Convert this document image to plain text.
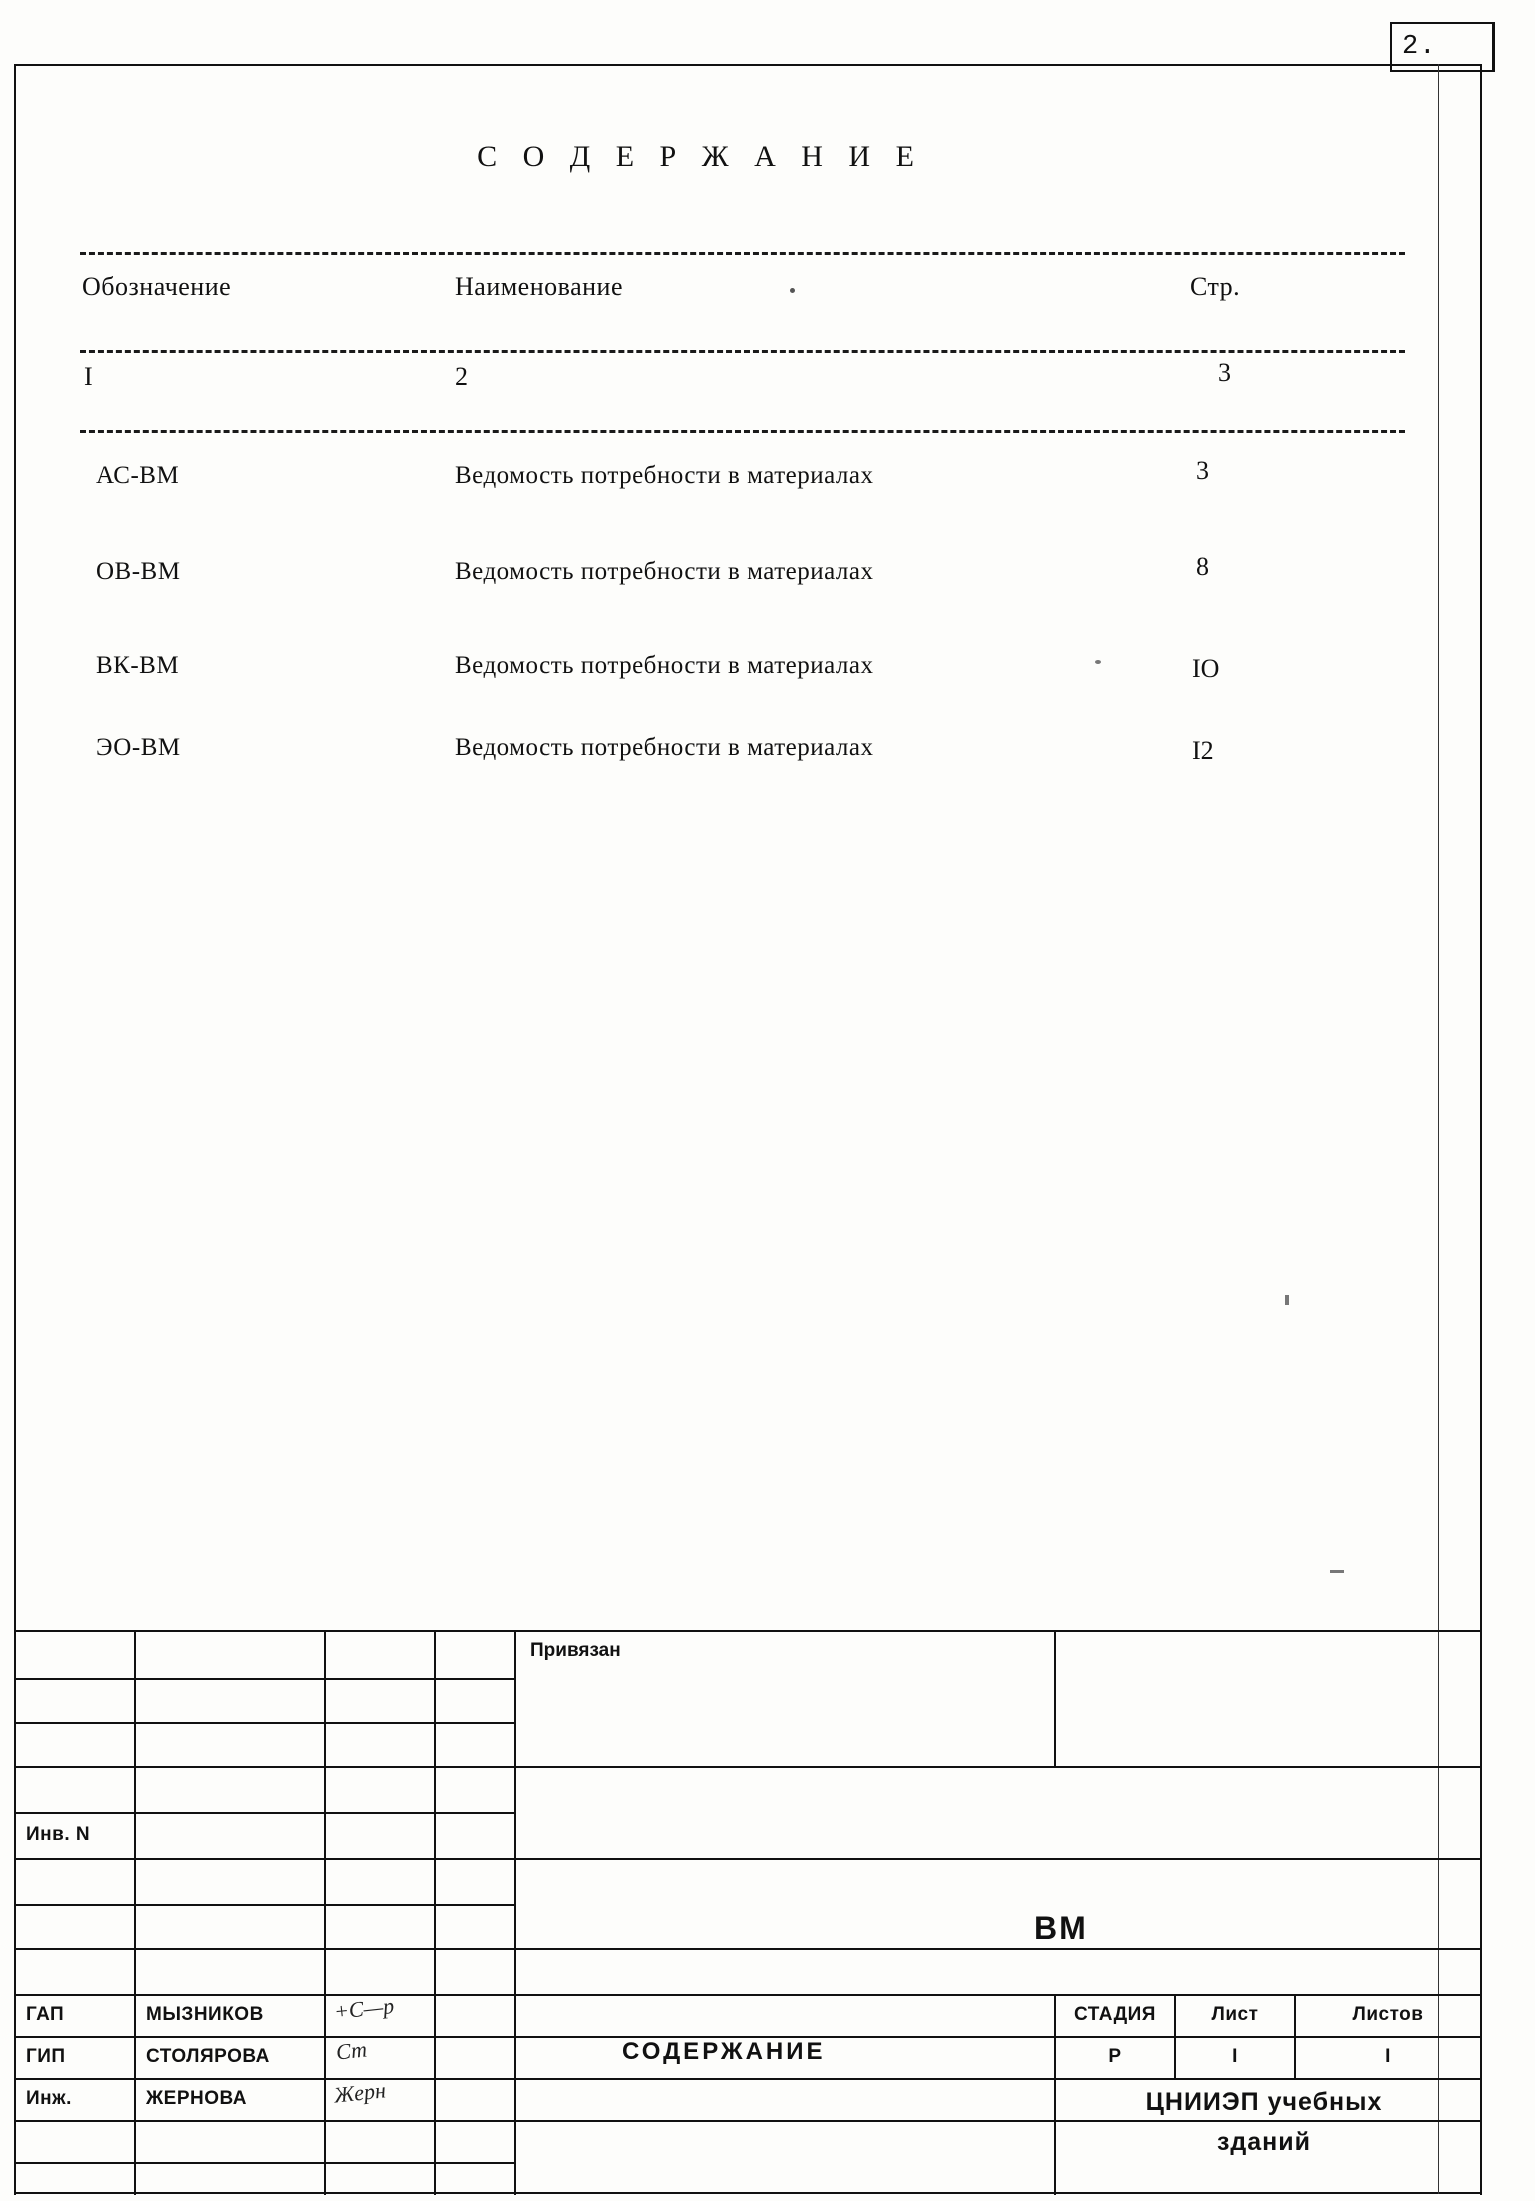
2.
С О Д Е Р Ж А Н И Е
Обозначение	Наименование	Стр.
I	2	3
АС-ВМ	Ведомость потребности в материалах	3
ОВ-ВМ	Ведомость потребности в материалах	8
ВК-ВМ	Ведомость потребности в материалах	IO
ЭО-ВМ	Ведомость потребности в материалах	I2
Привязан
Инв. N
ВМ
СОДЕРЖАНИЕ
ГАП	МЫЗНИКОВ	+С—р
ГИП	СТОЛЯРОВА	Ст
Инж.	ЖЕРНОВА	Жерн
СТАДИЯ	Лист	Листов
Р	I	I
ЦНИИЭП учебных
зданий
